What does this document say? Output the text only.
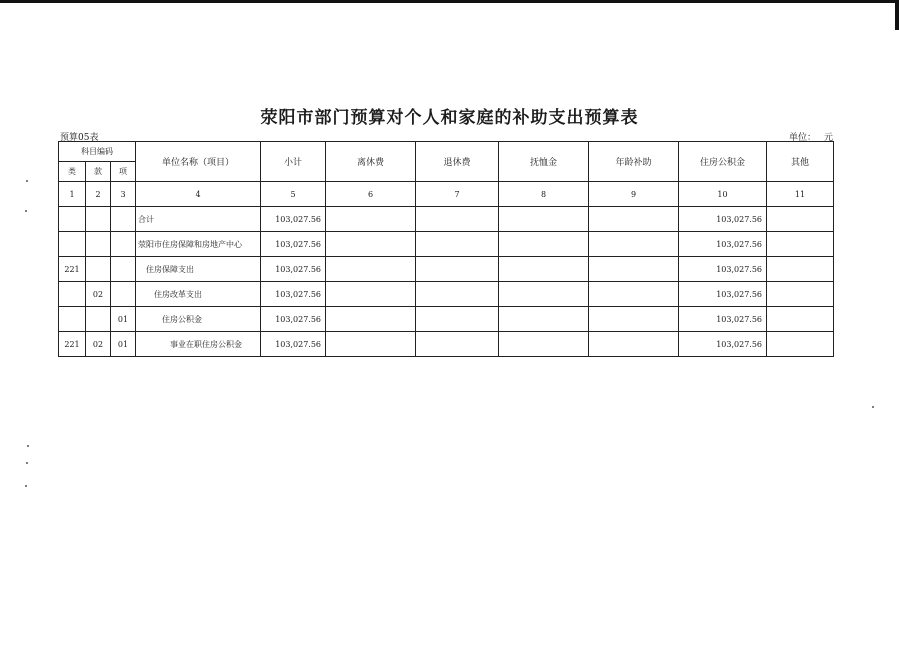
荥阳市部门预算对个人和家庭的补助支出预算表
预算05表	单位： 元
科目编码			单位名称（项目）	小计	离休费	退休费	抚恤金	年龄补助	住房公积金	其他
类	款	项								
1	2	3	4	5	6	7	8	9	10	11
			合计	103,027.56					103,027.56	
			荥阳市住房保障和房地产中心	103,027.56					103,027.56	
221			住房保障支出	103,027.56					103,027.56	
	02		住房改革支出	103,027.56					103,027.56	
		01	住房公积金	103,027.56					103,027.56	
221	02	01	事业在职住房公积金	103,027.56					103,027.56	
